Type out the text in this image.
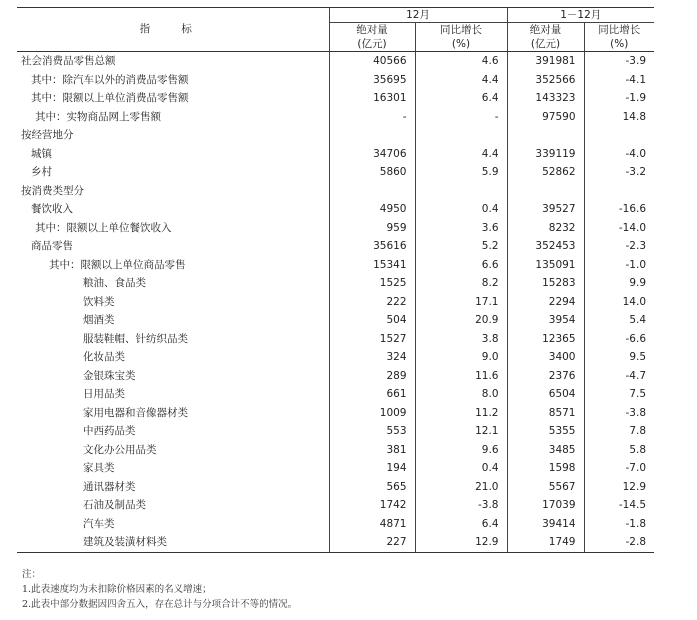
指 标	12月		1－12月	
	绝对量	同比增长	绝对量	同比增长
	(亿元)	(%)	(亿元)	(%)
社会消费品零售总额	40566	4.6	391981	-3.9
其中：除汽车以外的消费品零售额	35695	4.4	352566	-4.1
其中：限额以上单位消费品零售额	16301	6.4	143323	-1.9
其中：实物商品网上零售额	-	-	97590	14.8
按经营地分				
城镇	34706	4.4	339119	-4.0
乡村	5860	5.9	52862	-3.2
按消费类型分				
餐饮收入	4950	0.4	39527	-16.6
其中：限额以上单位餐饮收入	959	3.6	8232	-14.0
商品零售	35616	5.2	352453	-2.3
其中：限额以上单位商品零售	15341	6.6	135091	-1.0
粮油、食品类	1525	8.2	15283	9.9
饮料类	222	17.1	2294	14.0
烟酒类	504	20.9	3954	5.4
服装鞋帽、针纺织品类	1527	3.8	12365	-6.6
化妆品类	324	9.0	3400	9.5
金银珠宝类	289	11.6	2376	-4.7
日用品类	661	8.0	6504	7.5
家用电器和音像器材类	1009	11.2	8571	-3.8
中西药品类	553	12.1	5355	7.8
文化办公用品类	381	9.6	3485	5.8
家具类	194	0.4	1598	-7.0
通讯器材类	565	21.0	5567	12.9
石油及制品类	1742	-3.8	17039	-14.5
汽车类	4871	6.4	39414	-1.8
建筑及装潢材料类	227	12.9	1749	-2.8
注：
1.此表速度均为未扣除价格因素的名义增速；
2.此表中部分数据因四舍五入，存在总计与分项合计不等的情况。
